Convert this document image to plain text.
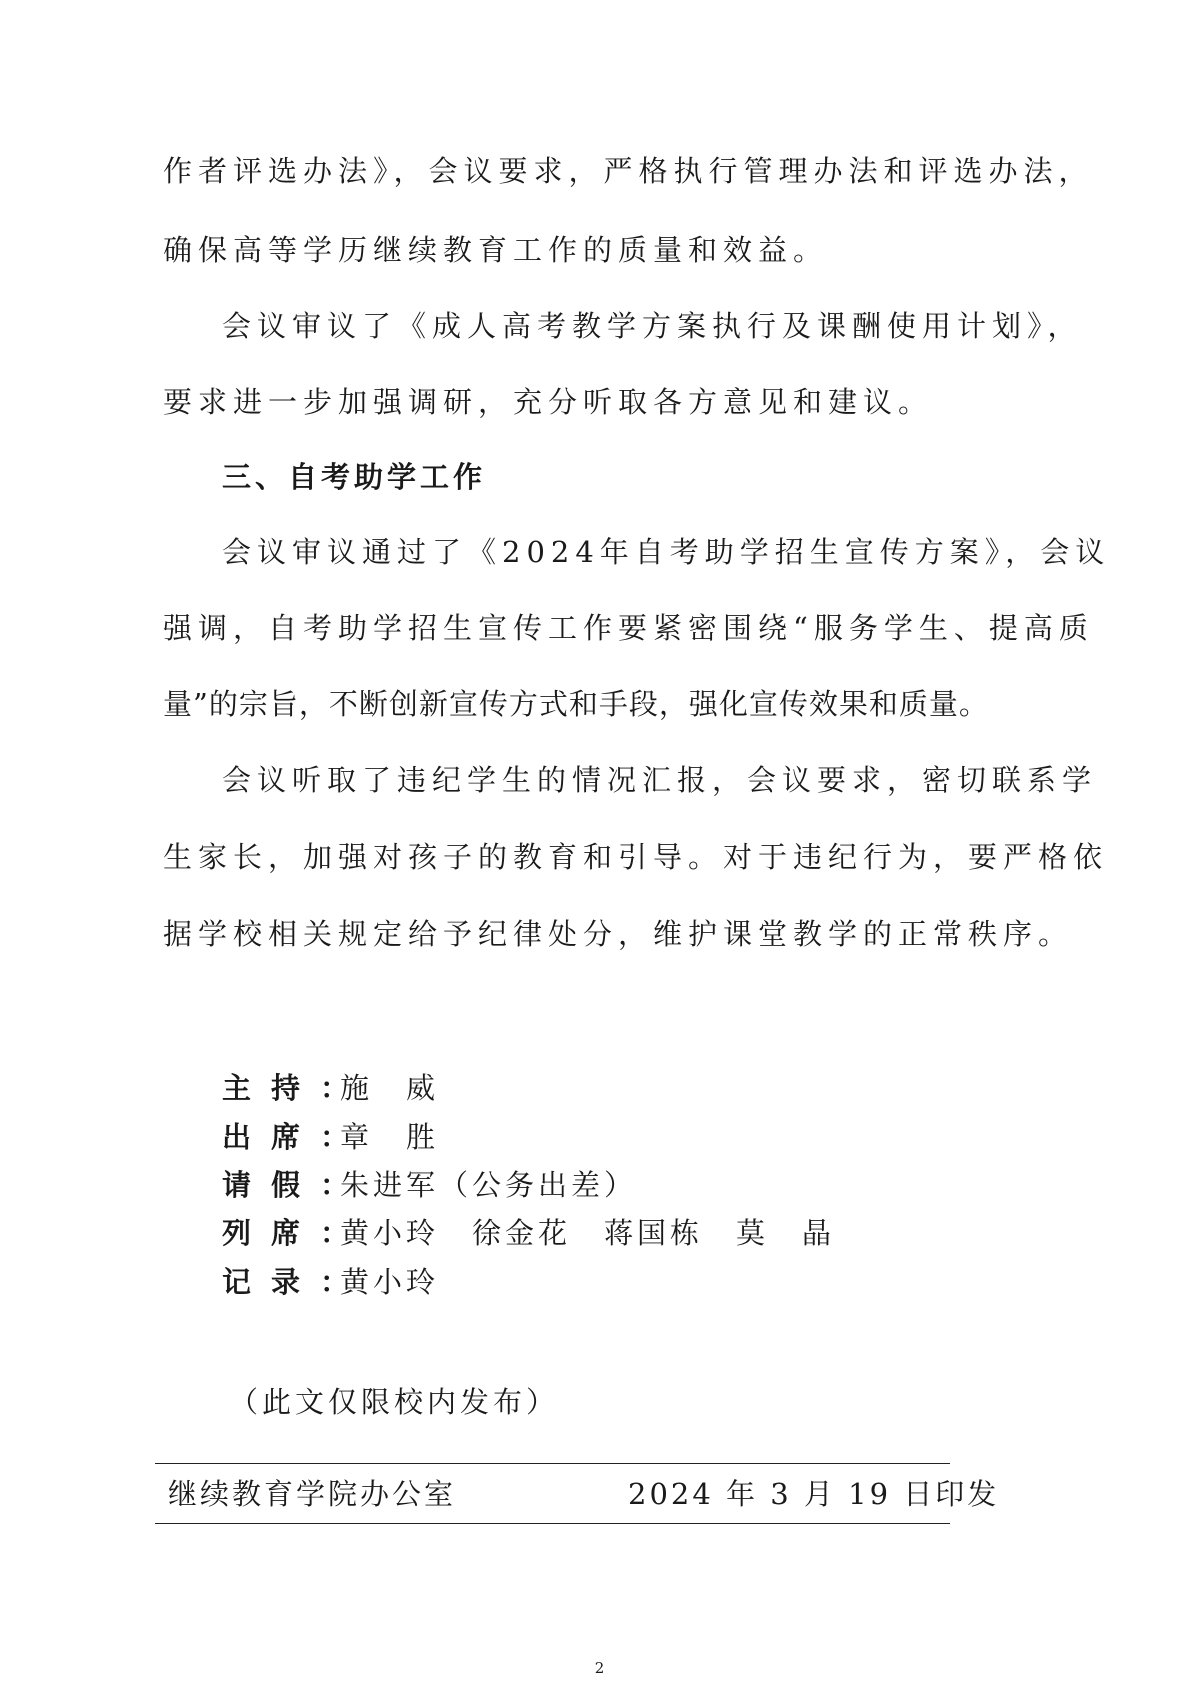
作者评选办法》，会议要求，严格执行管理办法和评选办法，
确保高等学历继续教育工作的质量和效益。
会议审议了《成人高考教学方案执行及课酬使用计划》，
要求进一步加强调研，充分听取各方意见和建议。
三、自考助学工作
会议审议通过了《2024年自考助学招生宣传方案》，会议
强调，自考助学招生宣传工作要紧密围绕“服务学生、提高质
量”的宗旨，不断创新宣传方式和手段，强化宣传效果和质量。
会议听取了违纪学生的情况汇报，会议要求，密切联系学
生家长，加强对孩子的教育和引导。对于违纪行为，要严格依
据学校相关规定给予纪律处分，维护课堂教学的正常秩序。
主持：施　威
出席：章　胜
请假：朱进军（公务出差）
列席：黄小玲　徐金花　蒋国栋　莫　晶
记录：黄小玲
（此文仅限校内发布）
继续教育学院办公室	2024 年 3 月 19 日印发
2
